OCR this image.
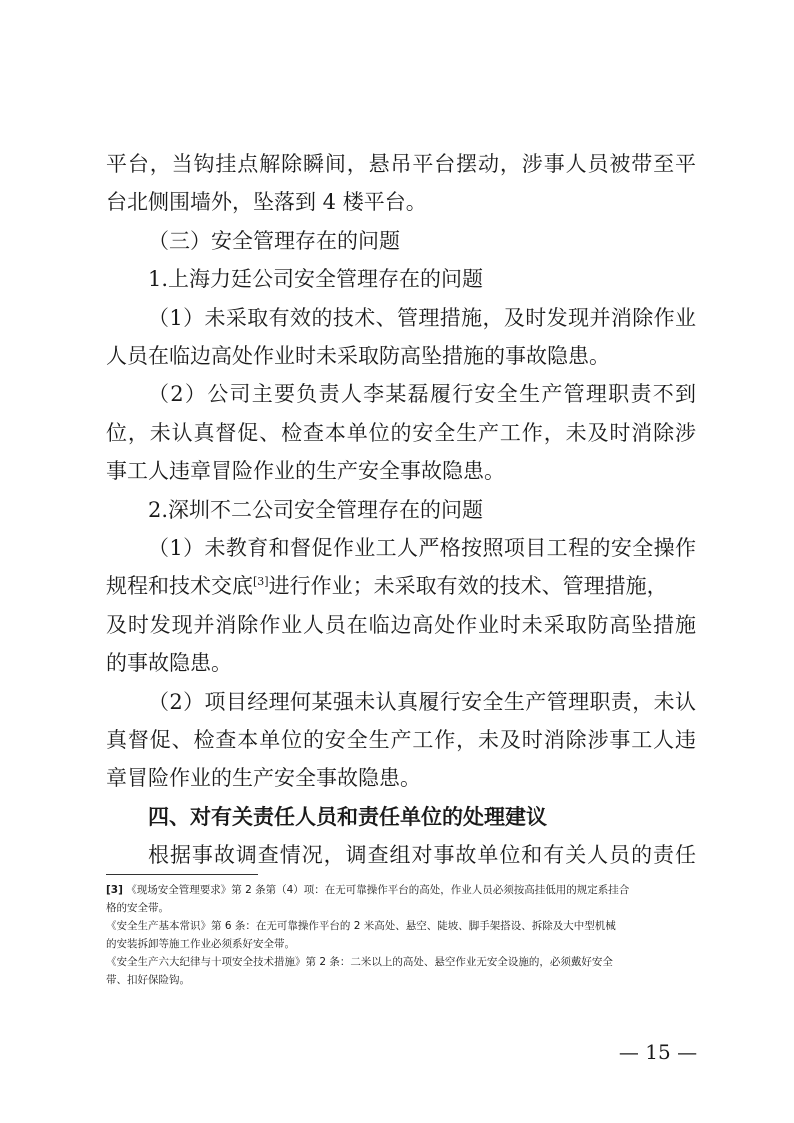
平台，当钩挂点解除瞬间，悬吊平台摆动，涉事人员被带至平
台北侧围墙外，坠落到 4 楼平台。
（三）安全管理存在的问题
1.上海力廷公司安全管理存在的问题
（1）未采取有效的技术、管理措施，及时发现并消除作业
人员在临边高处作业时未采取防高坠措施的事故隐患。
（2）公司主要负责人李某磊履行安全生产管理职责不到
位，未认真督促、检查本单位的安全生产工作，未及时消除涉
事工人违章冒险作业的生产安全事故隐患。
2.深圳不二公司安全管理存在的问题
（1）未教育和督促作业工人严格按照项目工程的安全操作
规程和技术交底[3]进行作业；未采取有效的技术、管理措施，
及时发现并消除作业人员在临边高处作业时未采取防高坠措施
的事故隐患。
（2）项目经理何某强未认真履行安全生产管理职责，未认
真督促、检查本单位的安全生产工作，未及时消除涉事工人违
章冒险作业的生产安全事故隐患。
四、对有关责任人员和责任单位的处理建议
根据事故调查情况，调查组对事故单位和有关人员的责任
[3] 《现场安全管理要求》第 2 条第（4）项：在无可靠操作平台的高处，作业人员必须按高挂低用的规定系挂合
格的安全带。
《安全生产基本常识》第 6 条：在无可靠操作平台的 2 米高处、悬空、陡坡、脚手架搭设、拆除及大中型机械
的安装拆卸等施工作业必须系好安全带。
《安全生产六大纪律与十项安全技术措施》第 2 条：二米以上的高处、悬空作业无安全设施的，必须戴好安全
带、扣好保险钩。
— 15 —
